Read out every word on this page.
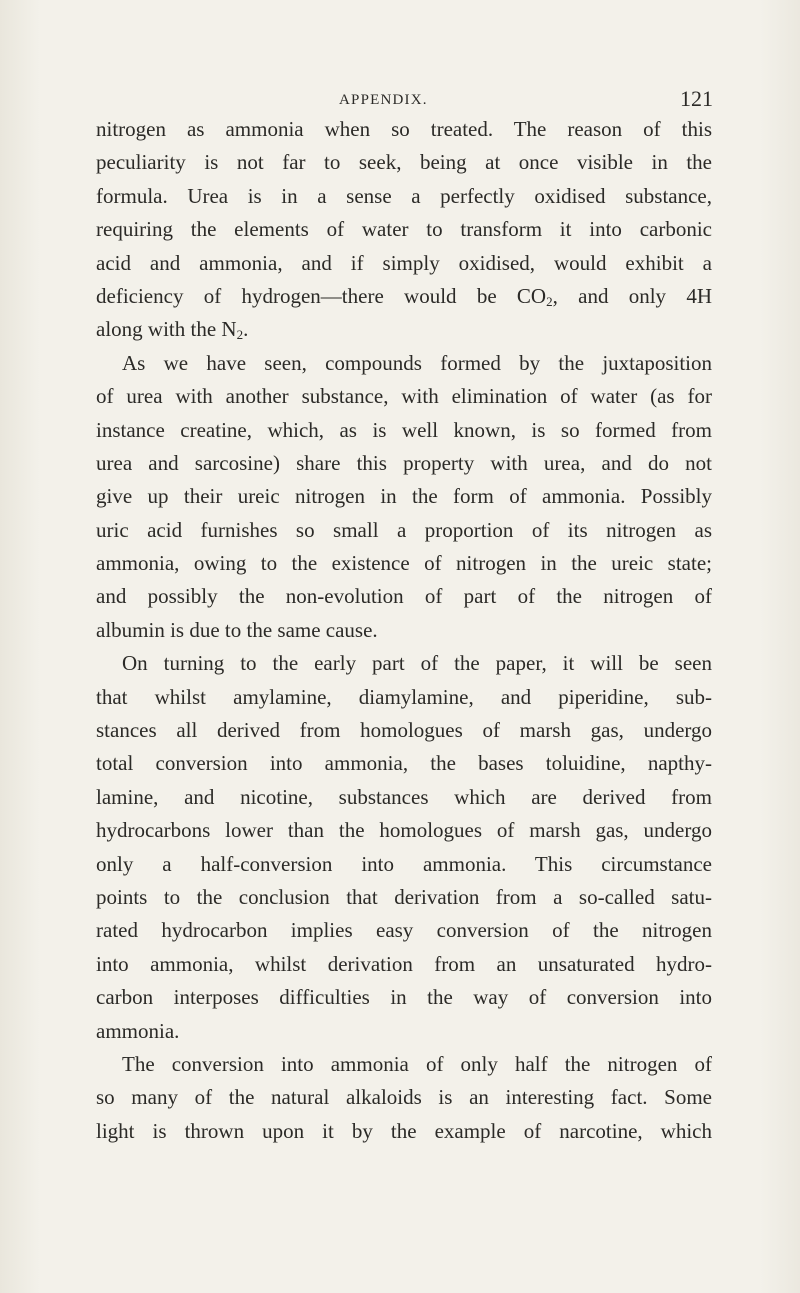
APPENDIX.	121
nitrogen as ammonia when so treated. The reason of this
peculiarity is not far to seek, being at once visible in the
formula. Urea is in a sense a perfectly oxidised substance,
requiring the elements of water to transform it into carbonic
acid and ammonia, and if simply oxidised, would exhibit a
deficiency of hydrogen—there would be $CO_2$, and only 4H
along with the $N_2$.
As we have seen, compounds formed by the juxtaposition
of urea with another substance, with elimination of water (as for
instance creatine, which, as is well known, is so formed from
urea and sarcosine) share this property with urea, and do not
give up their ureic nitrogen in the form of ammonia. Possibly
uric acid furnishes so small a proportion of its nitrogen as
ammonia, owing to the existence of nitrogen in the ureic state;
and possibly the non-evolution of part of the nitrogen of
albumin is due to the same cause.
On turning to the early part of the paper, it will be seen
that whilst amylamine, diamylamine, and piperidine, sub-
stances all derived from homologues of marsh gas, undergo
total conversion into ammonia, the bases toluidine, napthy-
lamine, and nicotine, substances which are derived from
hydrocarbons lower than the homologues of marsh gas, undergo
only a half-conversion into ammonia. This circumstance
points to the conclusion that derivation from a so-called satu-
rated hydrocarbon implies easy conversion of the nitrogen
into ammonia, whilst derivation from an unsaturated hydro-
carbon interposes difficulties in the way of conversion into
ammonia.
The conversion into ammonia of only half the nitrogen of
so many of the natural alkaloids is an interesting fact. Some
light is thrown upon it by the example of narcotine, which
